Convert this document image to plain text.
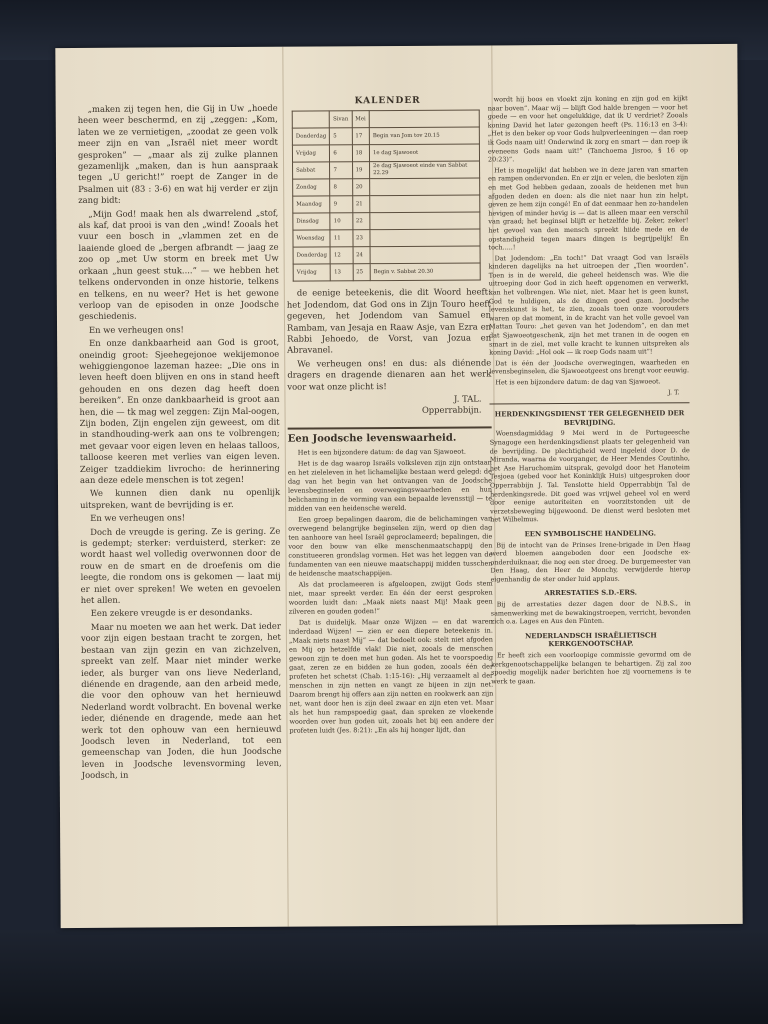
„maken zij tegen hen, die Gij in Uw „hoede heen weer beschermd, en zij „zeggen: „Kom, laten we ze vernietigen, „zoodat ze geen volk meer zijn en van „Israël niet meer wordt gesproken” — „maar als zij zulke plannen gezamenlijk „maken, dan is hun aanspraak tegen „U gericht!” roept de Zanger in de Psalmen uit (83 : 3-6) en wat hij verder er zijn zang bidt:

„Mijn God! maak hen als dwarrelend „stof, als kaf, dat prooi is van den „wind! Zooals het vuur een bosch in „vlammen zet en de laaiende gloed de „bergen afbrandt — jaag ze zoo op „met Uw storm en breek met Uw orkaan „hun geest stuk....” — we hebben het telkens ondervonden in onze historie, telkens en telkens, en nu weer? Het is het gewone verloop van de episoden in onze Joodsche geschiedenis.

En we verheugen ons!

En onze dankbaarheid aan God is groot, oneindig groot: Sjeehegejonoe wekijemonoe wehiggiengonoe lazeman hazee: „Die ons in leven heeft doen blijven en ons in stand heeft gehouden en ons dezen dag heeft doen bereiken”. En onze dankbaarheid is groot aan hen, die — tk mag wel zeggen: Zijn Mal-oogen, Zijn boden, Zijn engelen zijn geweest, om dit in standhouding-werk aan ons te volbrengen; met gevaar voor eigen leven en helaas talloos, talloose keeren met verlies van eigen leven. Zeiger tzaddiekim livrocho: de herinnering aan deze edele menschen is tot zegen!

We kunnen dien dank nu openlijk uitspreken, want de bevrijding is er.

En we verheugen ons!

Doch de vreugde is gering. Ze is gering. Ze is gedempt; sterker: verduisterd, sterker: ze wordt haast wel volledig overwonnen door de rouw en de smart en de droefenis om die leegte, die rondom ons is gekomen — laat mij er niet over spreken! We weten en gevoelen het allen.

Een zekere vreugde is er desondanks.

Maar nu moeten we aan het werk. Dat ieder voor zijn eigen bestaan tracht te zorgen, het bestaan van zijn gezin en van zichzelven, spreekt van zelf. Maar niet minder werke ieder, als burger van ons lieve Nederland, diénende en dragende, aan den arbeid mede, die voor den ophouw van het hernieuwd Nederland wordt volbracht. En bovenal werke ieder, diénende en dragende, mede aan het werk tot den ophouw van een hernieuwd Joodsch leven in Nederland, tot een gemeenschap van Joden, die hun Joodsche leven in Joodsche levensvorming leven, Joodsch, in

KALENDER
	Sivan	Mei	
Donderdag	5	17	Begin van Jom tov 20.15
Vrijdag	6	18	1e dag Sjawoeot
Sabbat	7	19	2e dag Sjawoeot einde van Sabbat 22.29
Zondag	8	20	
Maandag	9	21	
Dinsdag	10	22	
Woensdag	11	23	
Donderdag	12	24	
Vrijdag	13	25	Begin v. Sabbat 20.30

de eenige beteekenis, die dit Woord heeft: het Jodendom, dat God ons in Zijn Touro heeft gegeven, het Jodendom van Samuel en Rambam, van Jesaja en Raaw Asje, van Ezra en Rabbi Jehoedo, de Vorst, van Jozua en Abravanel.

We verheugen ons! en dus: als diénende dragers en dragende dienaren aan het werk voor wat onze plicht is!

J. TAL.
Opperrabbijn.
Een Joodsche levenswaarheid.

Het is een bijzondere datum: de dag van Sjawoeot.

Het is de dag waarop Israëls volksleven zijn zijn ontstaan en het zieleleven in het lichamelijke bestaan werd gelegd: de dag van het begin van het ontvangen van de Joodsche levensbeginselen en overwegingswaarheden en hun belichaming in de vorming van een bepaalde levensstijl — te midden van een heidensche wereld.

Een groep bepalingen daarom, die de belichamingen van overwegend belangrijke beginselen zijn, werd op dien dag ten aanhoore van heel Israël geproclameerd; bepalingen, die voor den bouw van elke menschenmaatschappij den constitueeren grondslag vormen. Het was het leggen van de fundamenten van een nieuwe maatschappij midden tusschen de heidensche maatschappijen.

Als dat proclameeren is afgeloopen, zwijgt Gods stem niet, maar spreekt verder. En één der eerst gesproken woorden luidt dan: „Maak niets naast Mij! Maak geen zilveren en gouden goden!”

Dat is duidelijk. Maar onze Wijzen — en dat waren inderdaad Wijzen! — zien er een diepere beteekenis in. „Maak niets naast Mij” — dat bedoelt ook: stelt niet afgoden en Mij op hetzelfde vlak! Die niet, zooals de menschen gewoon zijn te doen met hun goden. Als het te voorspoedig gaat, zeren ze en bidden ze hun goden, zooals één der profeten het schetst (Chab. 1:15-16): „Hij verzaamelt al der menschen in zijn netten en vangt ze bijeen in zijn net. Daarom brengt hij offers aan zijn netten en rookwerk aan zijn net, want door hen is zijn deel zwaar en zijn eten vet. Maar als het hun rampspoedig gaat, dan spreken ze vloekende woorden over hun goden uit, zooals het bij een andere der profeten luidt (Jes. 8:21): „En als hij honger lijdt, dan

wordt hij boos en vloekt zijn koning en zijn god en kijkt naar boven”. Maar wij — blijft God halde brengen — voor het goede — en voor het ongelukkige, dat ik U verdriet? Zooals koning David het later gezongen heeft (Ps. 116:13 en 3-4): „Het is den beker op voor Gods hulpverleeningen — dan roep ik Gods naam uit! Onderwind ik zorg en smart — dan roep ik eveneens Gods naam uit!” (Tanchoema Jisroo, § 16 op 20:23)”.

Het is mogelijk! dat hebben we in deze jaren van smarten en rampen ondervonden. En er zijn er velen, die besloten zijn en met God hebben gedaan, zooals de heidenen met hun afgoden deden en doen: als die niet naar hun zin helpt, geven ze hem zijn congé! En of dat eenmaar hen zo-handelen hevigen of minder hevig is — dat is alleen maar een verschil van graad; het beginsel blijft er hetzelfde bij. Zeker, zeker! het gevoel van den mensch spreekt hiide mede en de opstandigheid tegen maars dingen is begrijpelijk! En toch.....!

Dat Jodendom: „En toch!” Dat vraagt God van Israëls kinderen dagelijks na het uitroepen der „Tien woorden”. Toen is in de wereld, die geheel heidensch was. Wie die uitroeping door God in zich heeft opgenomen en verwerkt, kan het volbrengen. Wie niet, niet. Maar het is geen kunst, God te huldigen, als de dingen goed gaan. Joodsche levenskunst is het, te zien, zooals toen onze voorouders waren op dat moment, in de kracht van het volle gevoel van Mattan Touro: „het geven van het Jodendom”, en dan met dat Sjawoeotgeschenk, zijn het met tranen in de oogen en smart in de ziel, met volle kracht te kunnen uitspreken als koning David: „Hol ook — ik roep Gods naam uit”!

Dat is één der Joodsche overwegingen, waarheden en levensbeginselen, die Sjawoeotgeest ons brengt voor eeuwig.

Het is een bijzondere datum: de dag van Sjawoeot.

J. T.
HERDENKINGSDIENST TER GELEGENHEID DER BEVRIJDING.

Woensdagmiddag 9 Mei werd in de Portugeesche Synagoge een herdenkingsdienst plaats ter gelegenheid van de bevrijding. De plechtigheid werd ingeleid door D. de Miranda, waarna de voorganger, de Heer Mendes Coutinho, het Ase Haruchomim uitsprak, gevolgd door het Hanoteim Tesjoea (gebed voor het Koninklijk Huis) uitgesproken door Opperrabbijn J. Tal. Tenslotte hield Opperrabbijn Tal de herdenkingsrede. Dit goed was vrijwel geheel vol en werd door eenige autoriteiten en voorzitstonden uit de verzetsbeweging bijgewoond. De dienst werd besloten met het Wilhelmus.

EEN SYMBOLISCHE HANDELING.

Bij de intocht van de Prinses Irene-brigade in Den Haag werd bloemen aangeboden door een Joodsche ex-onderduiknaar, die nog een ster droeg. De burgemeester van Den Haag, den Heer de Monchy, verwijderde hierop eigenhandig de ster onder luid applaus.

ARRESTATIES S.D.-ERS.

Bij de arrestaties dezer dagen door de N.B.S., in samenwerking met de bewakingstroepen, verricht, bevonden zich o.a. Lages en Aus den Fünten.

NEDERLANDSCH ISRAËLIETISCH KERKGENOOTSCHAP.

Er heeft zich een voorloopige commissie gevormd om de kerkgenootschappelijke belangen te behartigen. Zij zal zoo spoedig mogelijk nader berichten hoe zij voornemens is te werk te gaan.
